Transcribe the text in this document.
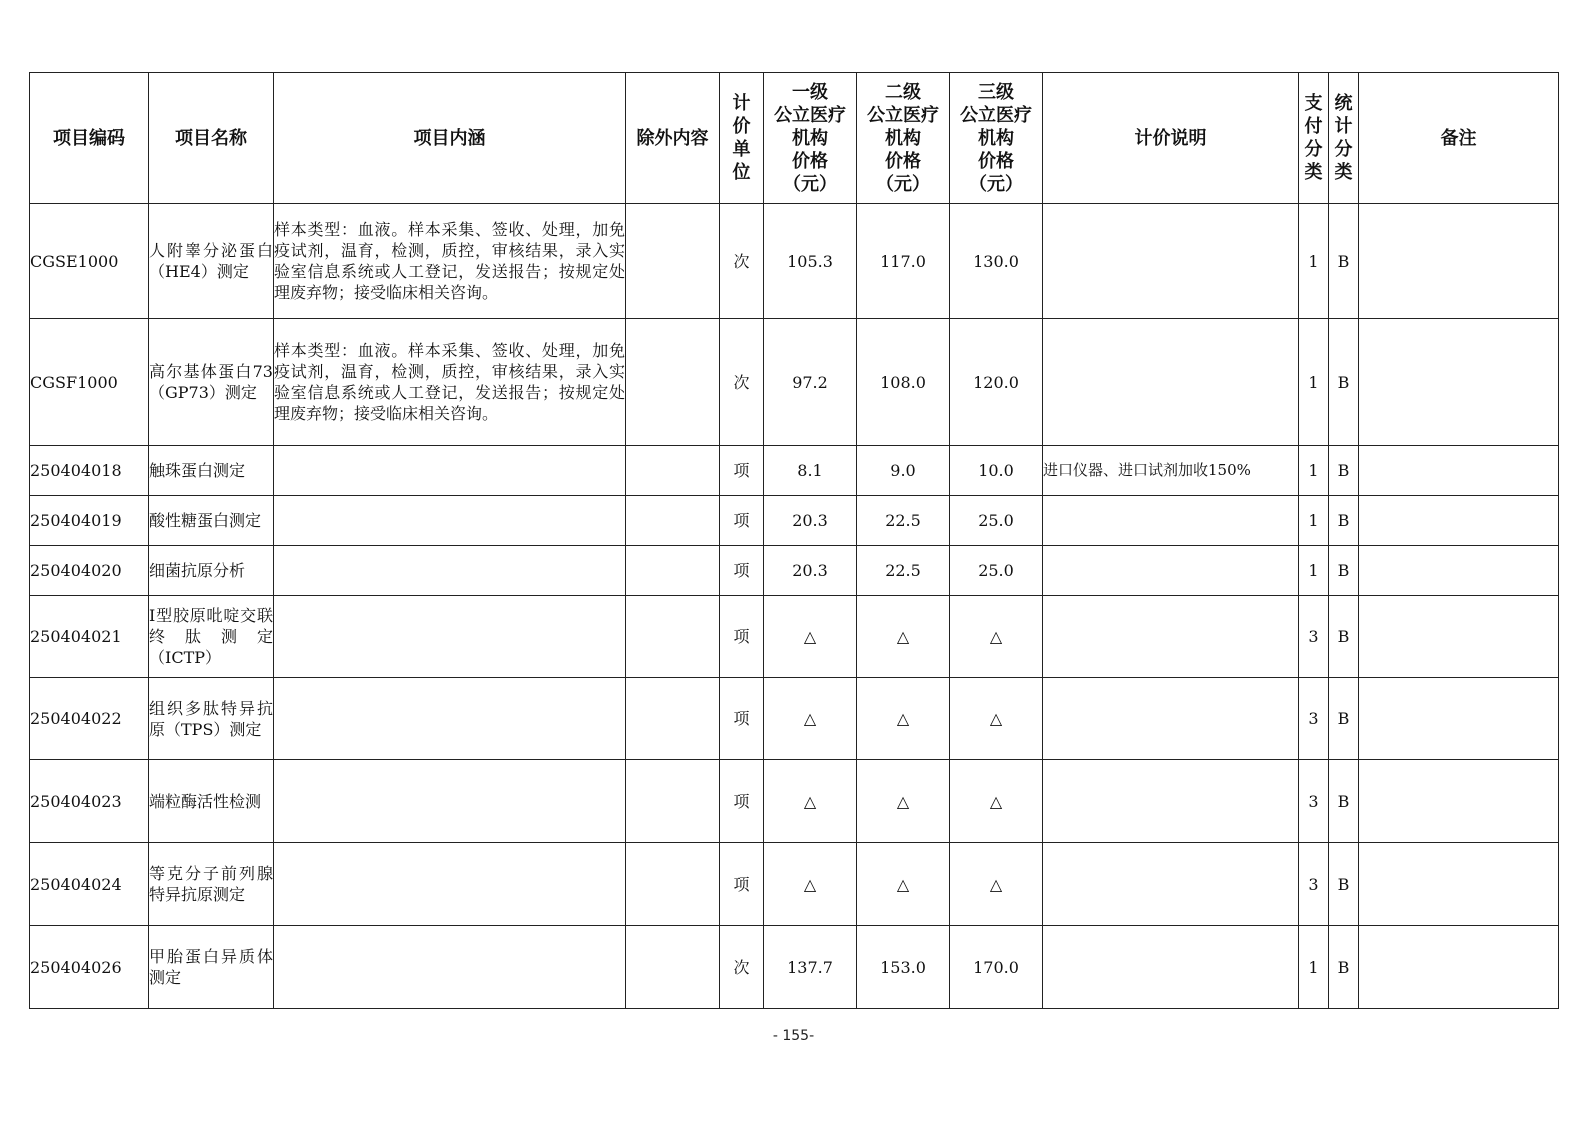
项目编码	项目名称	项目内涵	除外内容	计价单位	一级
公立医疗
机构
价格
（元）	二级
公立医疗
机构
价格
（元）	三级
公立医疗
机构
价格
（元）	计价说明	支付分类	统计分类	备注
CGSE1000	人附睾分泌蛋白（HE4）测定	样本类型：血液。样本采集、签收、处理，加免疫试剂，温育，检测，质控，审核结果，录入实验室信息系统或人工登记，发送报告；按规定处理废弃物；接受临床相关咨询。		次	105.3	117.0	130.0		1	B	
CGSF1000	高尔基体蛋白73（GP73）测定	样本类型：血液。样本采集、签收、处理，加免疫试剂，温育，检测，质控，审核结果，录入实验室信息系统或人工登记，发送报告；按规定处理废弃物；接受临床相关咨询。		次	97.2	108.0	120.0		1	B	
250404018	触珠蛋白测定			项	8.1	9.0	10.0	进口仪器、进口试剂加收150%	1	B	
250404019	酸性糖蛋白测定			项	20.3	22.5	25.0		1	B	
250404020	细菌抗原分析			项	20.3	22.5	25.0		1	B	
250404021	I型胶原吡啶交联终肽测定（ICTP）			项	△	△	△		3	B	
250404022	组织多肽特异抗原（TPS）测定			项	△	△	△		3	B	
250404023	端粒酶活性检测			项	△	△	△		3	B	
250404024	等克分子前列腺特异抗原测定			项	△	△	△		3	B	
250404026	甲胎蛋白异质体测定			次	137.7	153.0	170.0		1	B	
- 155-
